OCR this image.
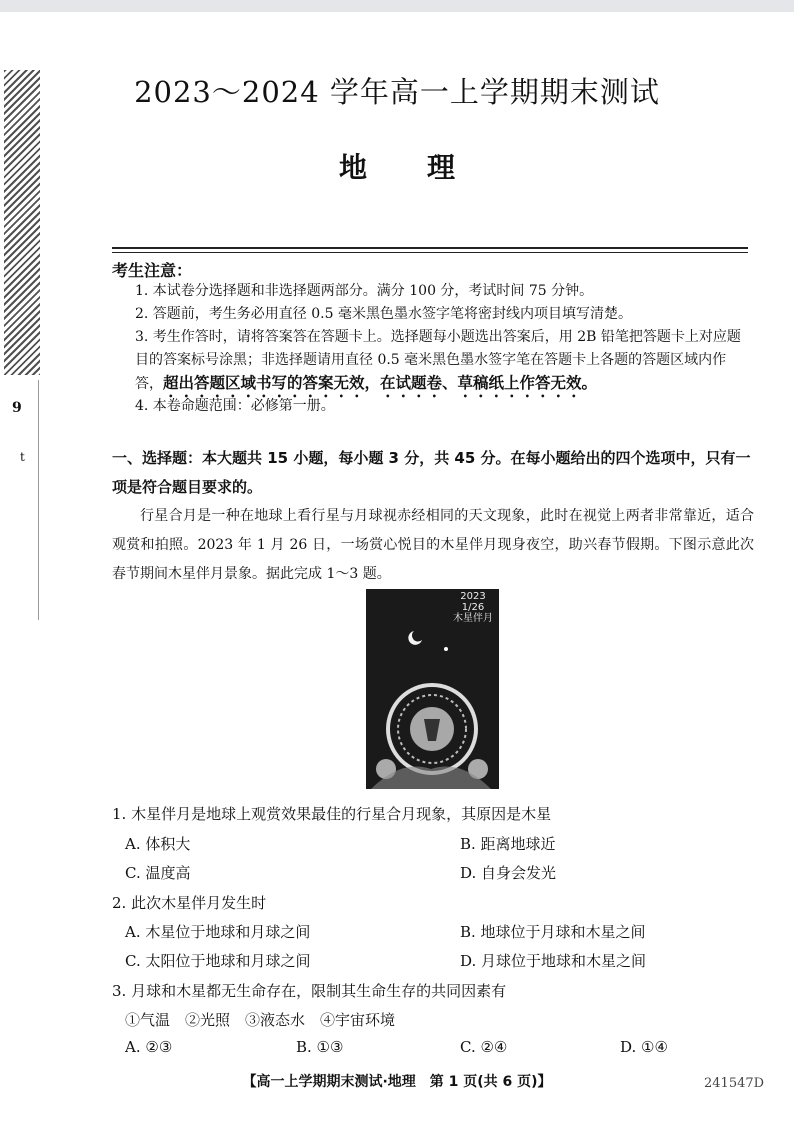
9
t
2023～2024 学年高一上学期期末测试
地理
考生注意：
1. 本试卷分选择题和非选择题两部分。满分 100 分，考试时间 75 分钟。
2. 答题前，考生务必用直径 0.5 毫米黑色墨水签字笔将密封线内项目填写清楚。
3. 考生作答时，请将答案答在答题卡上。选择题每小题选出答案后，用 2B 铅笔把答题卡上对应题目的答案标号涂黑；非选择题请用直径 0.5 毫米黑色墨水签字笔在答题卡上各题的答题区域内作答，超出答题区域书写的答案无效，在试题卷、草稿纸上作答无效。
4. 本卷命题范围：必修第一册。
一、选择题：本大题共 15 小题，每小题 3 分，共 45 分。在每小题给出的四个选项中，只有一项是符合题目要求的。
行星合月是一种在地球上看行星与月球视赤经相同的天文现象，此时在视觉上两者非常靠近，适合观赏和拍照。2023 年 1 月 26 日，一场赏心悦目的木星伴月现身夜空，助兴春节假期。下图示意此次春节期间木星伴月景象。据此完成 1～3 题。
2023
1/26
木星伴月
1. 木星伴月是地球上观赏效果最佳的行星合月现象，其原因是木星
A. 体积大	B. 距离地球近
C. 温度高	D. 自身会发光
2. 此次木星伴月发生时
A. 木星位于地球和月球之间	B. 地球位于月球和木星之间
C. 太阳位于地球和月球之间	D. 月球位于地球和木星之间
3. 月球和木星都无生命存在，限制其生命生存的共同因素有
①气温　②光照　③液态水　④宇宙环境
A. ②③	B. ①③	C. ②④	D. ①④
【高一上学期期末测试·地理　第 1 页(共 6 页)】	241547D
